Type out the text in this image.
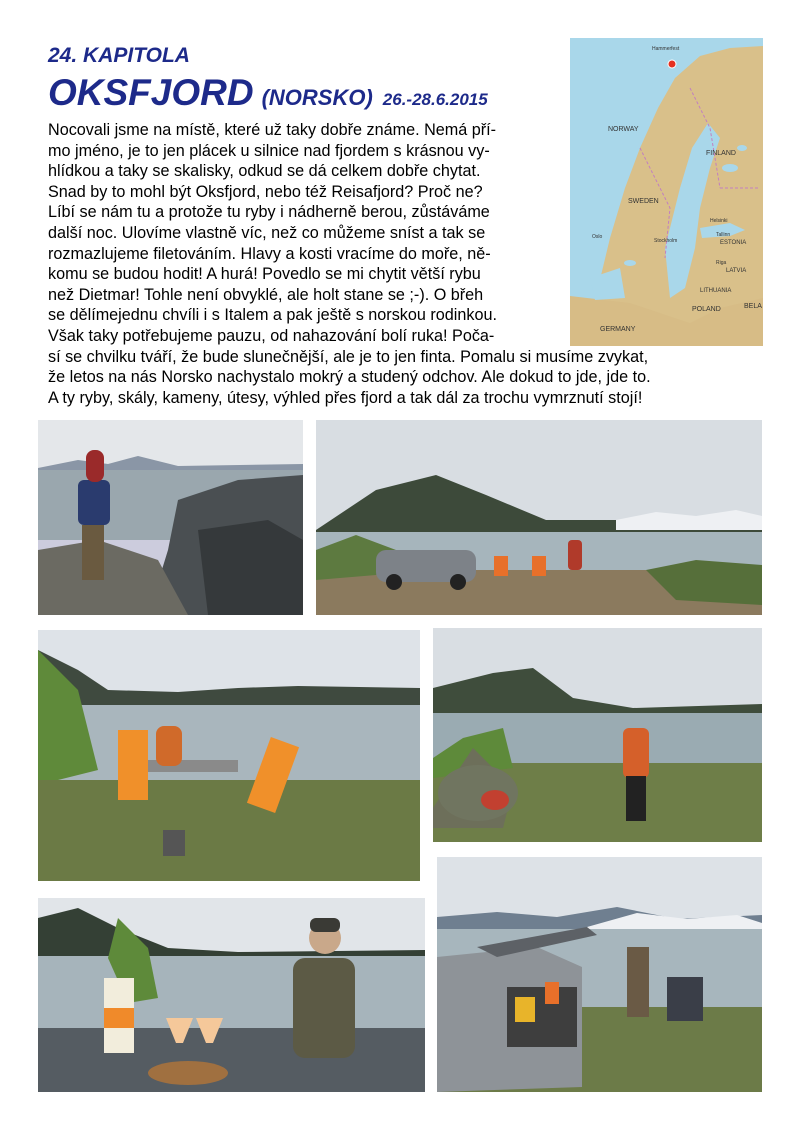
24. KAPITOLA
OKSFJORD (NORSKO) 26.-28.6.2015

Nocovali jsme na místě, které už taky dobře známe. Nemá pří-
mo jméno, je to jen plácek u silnice nad fjordem s krásnou vy-
hlídkou a taky se skalisky, odkud se dá celkem dobře chytat.
Snad by to mohl být Oksfjord, nebo též Reisafjord? Proč ne?
Líbí se nám tu a protože tu ryby i nádherně berou, zůstáváme
další noc. Ulovíme vlastně víc, než co můžeme sníst a tak se
rozmazlujeme filetováním. Hlavy a kosti vracíme do moře, ně-
komu se budou hodit! A hurá! Povedlo se mi chytit větší rybu
než Dietmar! Tohle není obvyklé, ale holt stane se ;-). O břeh
se dělímejednu chvíli i s Italem a pak ještě s norskou rodinkou.
Však taky potřebujeme pauzu, od nahazování bolí ruka! Poča-
sí se chvilku tváří, že bude slunečnější, ale je to jen finta. Pomalu si musíme zvykat,
že letos na nás Norsko nachystalo mokrý a studený odchov. Ale dokud to jde, jde to.
A ty ryby, skály, kameny, útesy, výhled přes fjord a tak dál za trochu vymrznutí stojí!

NORWAY
SWEDEN
FINLAND
ESTONIA
LATVIA
LITHUANIA
POLAND
GERMANY
BELA
Stockholm
Helsinki
Tallinn
Riga
Oslo
Hammerfest
